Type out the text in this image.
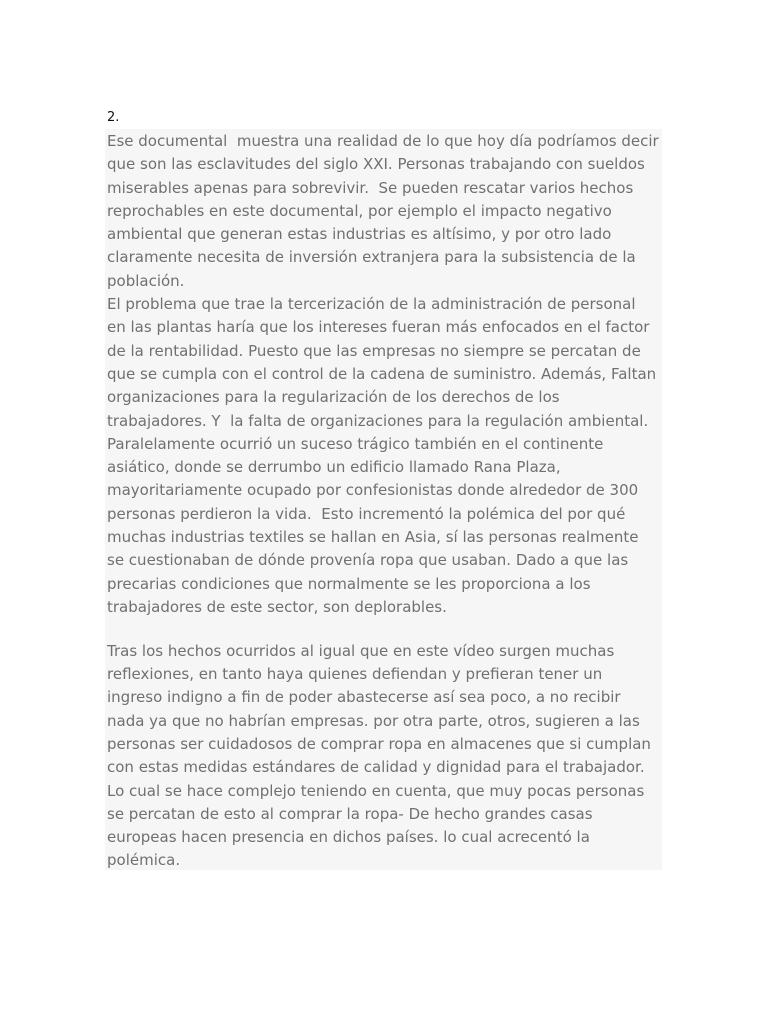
2.
Ese documental  muestra una realidad de lo que hoy día podríamos decir
que son las esclavitudes del siglo XXI. Personas trabajando con sueldos
miserables apenas para sobrevivir.  Se pueden rescatar varios hechos
reprochables en este documental, por ejemplo el impacto negativo
ambiental que generan estas industrias es altísimo, y por otro lado
claramente necesita de inversión extranjera para la subsistencia de la
población.
El problema que trae la tercerización de la administración de personal
en las plantas haría que los intereses fueran más enfocados en el factor
de la rentabilidad. Puesto que las empresas no siempre se percatan de
que se cumpla con el control de la cadena de suministro. Además, Faltan
organizaciones para la regularización de los derechos de los
trabajadores. Y  la falta de organizaciones para la regulación ambiental.
Paralelamente ocurrió un suceso trágico también en el continente
asiático, donde se derrumbo un edificio llamado Rana Plaza,
mayoritariamente ocupado por confesionistas donde alrededor de 300
personas perdieron la vida.  Esto incrementó la polémica del por qué
muchas industrias textiles se hallan en Asia, sí las personas realmente
se cuestionaban de dónde provenía ropa que usaban. Dado a que las
precarias condiciones que normalmente se les proporciona a los
trabajadores de este sector, son deplorables.
Tras los hechos ocurridos al igual que en este vídeo surgen muchas
reflexiones, en tanto haya quienes defiendan y prefieran tener un
ingreso indigno a fin de poder abastecerse así sea poco, a no recibir
nada ya que no habrían empresas. por otra parte, otros, sugieren a las
personas ser cuidadosos de comprar ropa en almacenes que si cumplan
con estas medidas estándares de calidad y dignidad para el trabajador.
Lo cual se hace complejo teniendo en cuenta, que muy pocas personas
se percatan de esto al comprar la ropa- De hecho grandes casas
europeas hacen presencia en dichos países. lo cual acrecentó la
polémica.
